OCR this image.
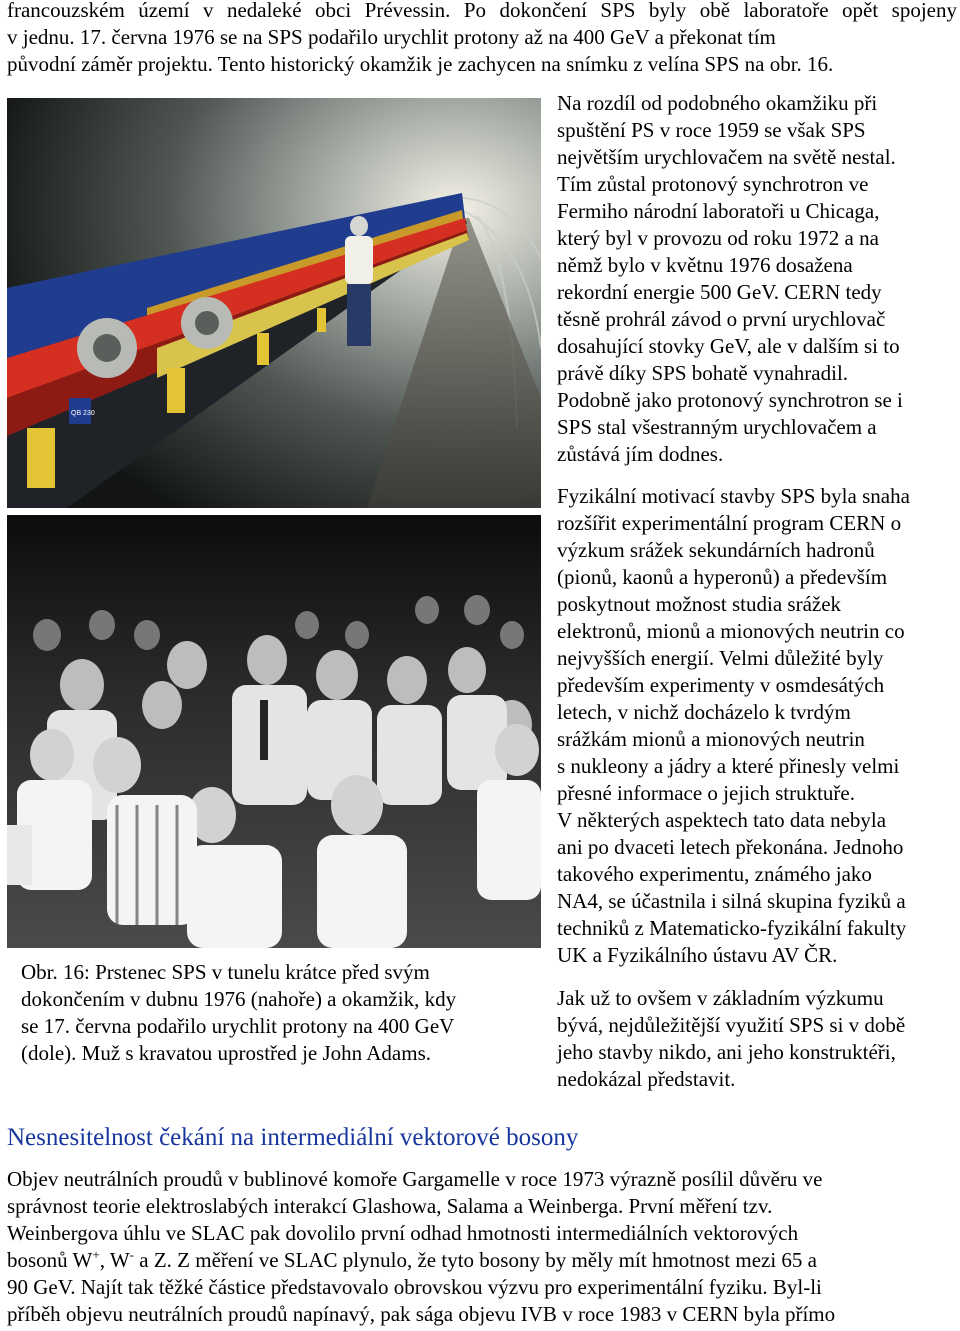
francouzském území v nedaleké obci Prévessin. Po dokončení SPS byly obě laboratoře opět spojeny
v jednu. 17. června 1976 se na SPS podařilo urychlit protony až na 400 GeV a překonat tím
původní záměr projektu. Tento historický okamžik je zachycen na snímku z velína SPS na obr. 16.
QB 230
Obr. 16: Prstenec SPS v tunelu krátce před svým
dokončením v dubnu 1976 (nahoře) a okamžik, kdy
se 17. června podařilo urychlit protony na 400 GeV
(dole). Muž s kravatou uprostřed je John Adams.
Na rozdíl od podobného okamžiku při
spuštění PS v roce 1959 se však SPS
největším urychlovačem na světě nestal.
Tím zůstal protonový synchrotron ve
Fermiho národní laboratoři u Chicaga,
který byl v provozu od roku 1972 a na
němž bylo v květnu 1976 dosažena
rekordní energie 500 GeV. CERN tedy
těsně prohrál závod o první urychlovač
dosahující stovky GeV, ale v dalším si to
právě díky SPS bohatě vynahradil.
Podobně jako protonový synchrotron se i
SPS stal všestranným urychlovačem a
zůstává jím dodnes.
Fyzikální motivací stavby SPS byla snaha
rozšířit experimentální program CERN o
výzkum srážek sekundárních hadronů
(pionů, kaonů a hyperonů) a především
poskytnout možnost studia srážek
elektronů, mionů a mionových neutrin co
nejvyšších energií. Velmi důležité byly
především experimenty v osmdesátých
letech, v nichž docházelo k tvrdým
srážkám mionů a mionových neutrin
s nukleony a jádry a které přinesly velmi
přesné informace o jejich struktuře.
V některých aspektech tato data nebyla
ani po dvaceti letech překonána. Jednoho
takového experimentu, známého jako
NA4, se účastnila i silná skupina fyziků a
techniků z Matematicko-fyzikální fakulty
UK a Fyzikálního ústavu AV ČR.
Jak už to ovšem v základním výzkumu
bývá, nejdůležitější využití SPS si v době
jeho stavby nikdo, ani jeho konstruktéři,
nedokázal představit.
Nesnesitelnost čekání na intermediální vektorové bosony
Objev neutrálních proudů v bublinové komoře Gargamelle v roce 1973 výrazně posílil důvěru ve
správnost teorie elektroslabých interakcí Glashowa, Salama a Weinberga. První měření tzv.
Weinbergova úhlu ve SLAC pak dovolilo první odhad hmotnosti intermediálních vektorových
bosonů W+, W- a Z. Z měření ve SLAC plynulo, že tyto bosony by měly mít hmotnost mezi 65 a
90 GeV. Najít tak těžké částice představovalo obrovskou výzvu pro experimentální fyziku. Byl-li
příběh objevu neutrálních proudů napínavý, pak sága objevu IVB v roce 1983 v CERN byla přímo
